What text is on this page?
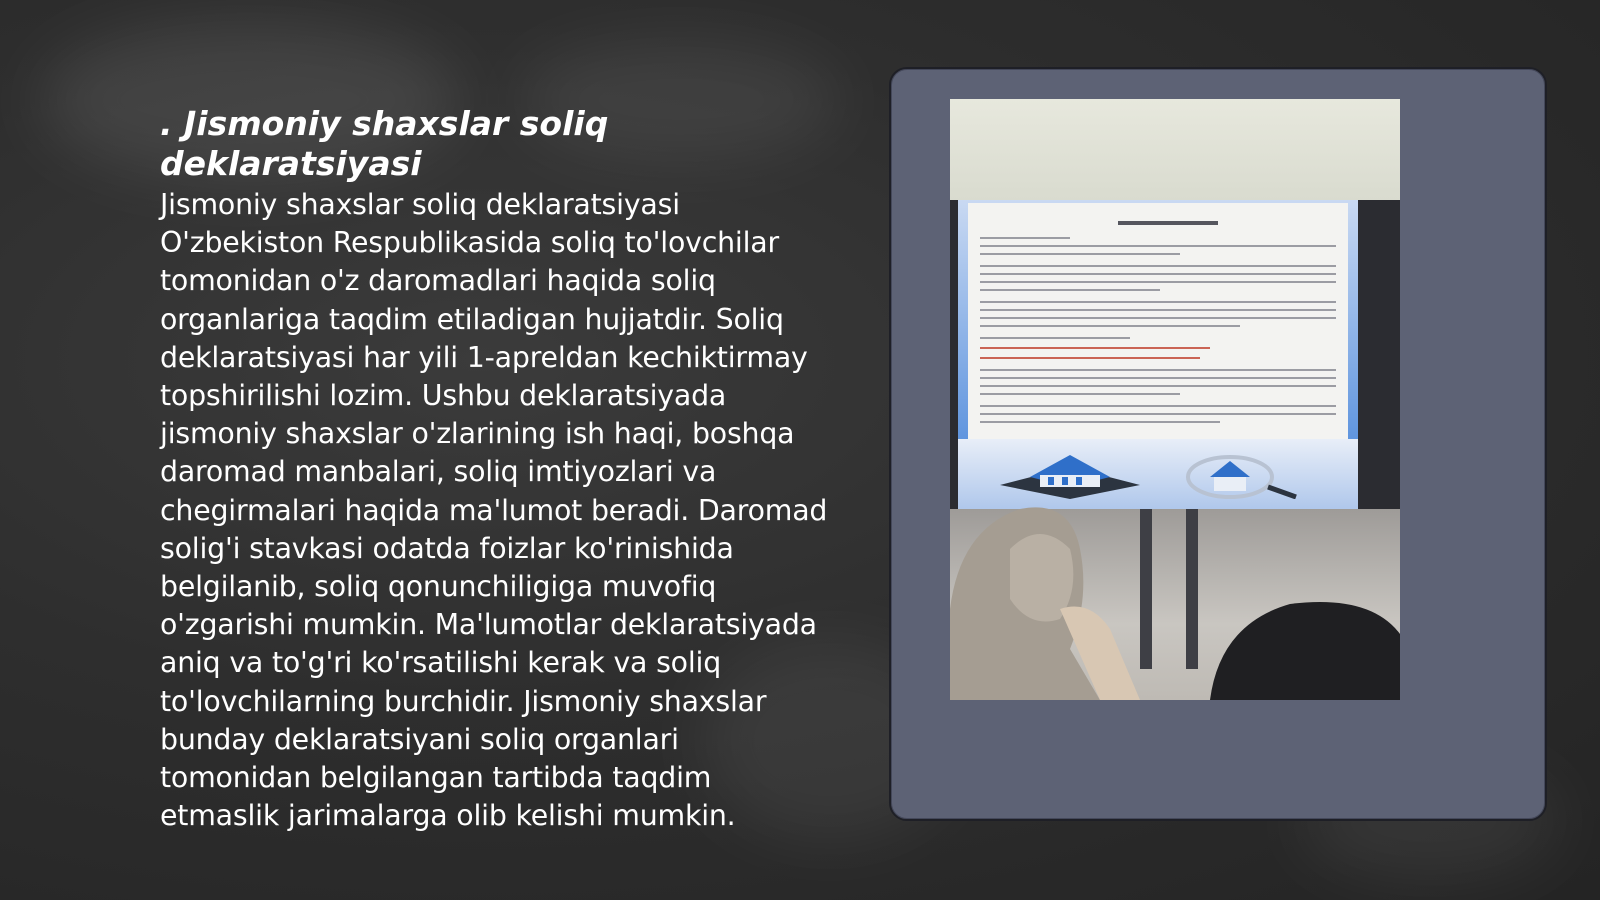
. Jismoniy shaxslar soliq deklaratsiyasi

Jismoniy shaxslar soliq deklaratsiyasi O'zbekiston Respublikasida soliq to'lovchilar tomonidan o'z daromadlari haqida soliq organlariga taqdim etiladigan hujjatdir. Soliq deklaratsiyasi har yili 1-apreldan kechiktirmay topshirilishi lozim. Ushbu deklaratsiyada jismoniy shaxslar o'zlarining ish haqi, boshqa daromad manbalari, soliq imtiyozlari va chegirmalari haqida ma'lumot beradi. Daromad solig'i stavkasi odatda foizlar ko'rinishida belgilanib, soliq qonunchiligiga muvofiq o'zgarishi mumkin. Ma'lumotlar deklaratsiyada aniq va to'g'ri ko'rsatilishi kerak va soliq to'lovchilarning burchidir. Jismoniy shaxslar bunday deklaratsiyani soliq organlari tomonidan belgilangan tartibda taqdim etmaslik jarimalarga olib kelishi mumkin.
